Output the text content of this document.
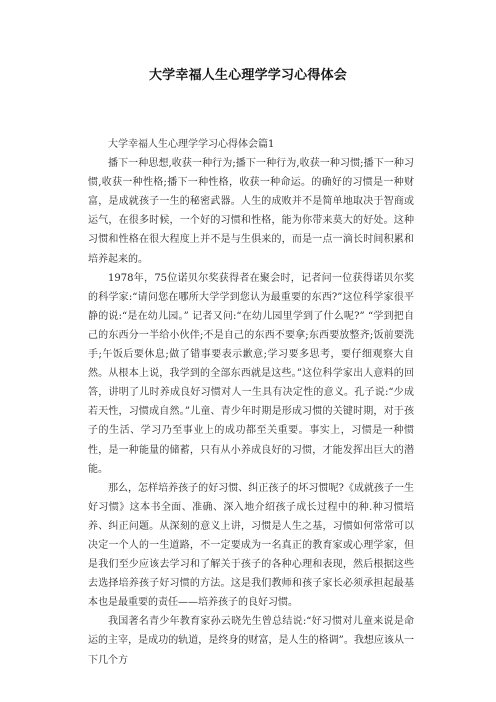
大学幸福人生心理学学习心得体会

大学幸福人生心理学学习心得体会篇1

播下一种思想,收获一种行为;播下一种行为,收获一种习惯;播下一种习惯,收获一种性格;播下一种性格，收获一种命运。的确好的习惯是一种财富，是成就孩子一生的秘密武器。人生的成败并不是简单地取决于智商或运气，在很多时候，一个好的习惯和性格，能为你带来莫大的好处。这种习惯和性格在很大程度上并不是与生俱来的，而是一点一滴长时间积累和培养起来的。

1978年，75位诺贝尔奖获得者在聚会时，记者问一位获得诺贝尔奖的科学家:“请问您在哪所大学学到您认为最重要的东西?”这位科学家很平静的说:“是在幼儿园。” 记者又问:“在幼儿园里学到了什么呢?” “学到把自己的东西分一半给小伙伴;不是自己的东西不要拿;东西要放整齐;饭前要洗手;午饭后要休息;做了错事要表示歉意;学习要多思考，要仔细观察大自然。从根本上说，我学到的全部东西就是这些。”这位科学家出人意料的回答，讲明了儿时养成良好习惯对人一生具有决定性的意义。孔子说:“少成若天性，习惯成自然。”儿童、青少年时期是形成习惯的关键时期，对于孩子的生活、学习乃至事业上的成功都至关重要。事实上，习惯是一种惯性，是一种能量的储蓄，只有从小养成良好的习惯，才能发挥出巨大的潜能。

那么，怎样培养孩子的好习惯、纠正孩子的坏习惯呢?《成就孩子一生好习惯》这本书全面、准确、深入地介绍孩子成长过程中的种.种习惯培养、纠正问题。从深刻的意义上讲，习惯是人生之基，习惯如何常常可以决定一个人的一生道路，不一定要成为一名真正的教育家或心理学家，但是我们至少应该去学习和了解关于孩子的各种心理和表现，然后根据这些去选择培养孩子好习惯的方法。这是我们教师和孩子家长必须承担起最基本也是最重要的责任——培养孩子的良好习惯。

我国著名青少年教育家孙云晓先生曾总结说:“好习惯对儿童来说是命运的主宰，是成功的轨道，是终身的财富，是人生的格调”。我想应该从一下几个方
